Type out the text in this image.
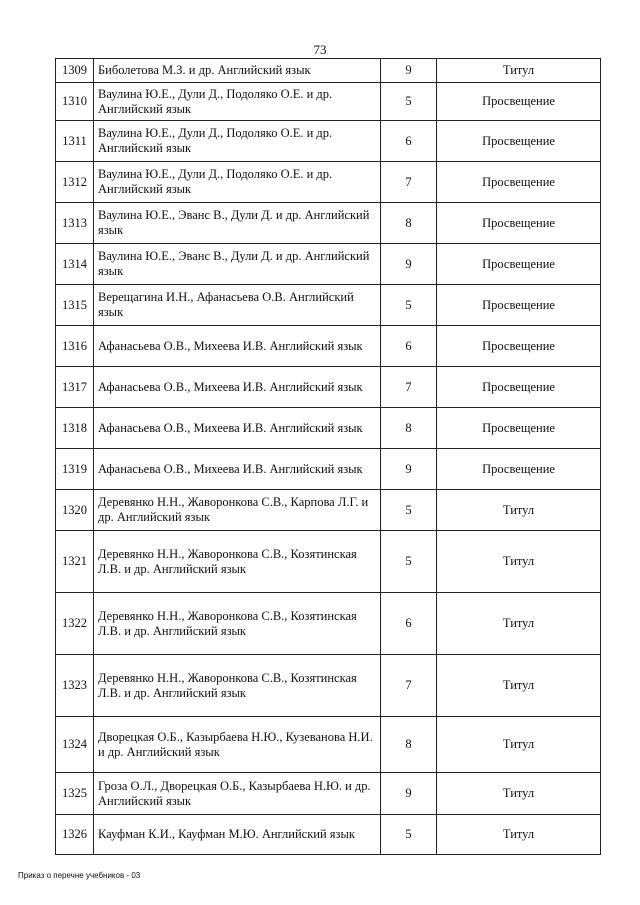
73
1309	Биболетова М.З. и др. Английский язык	9	Титул
1310	Ваулина Ю.Е., Дули Д., Подоляко О.Е. и др. Английский язык	5	Просвещение
1311	Ваулина Ю.Е., Дули Д., Подоляко О.Е. и др. Английский язык	6	Просвещение
1312	Ваулина Ю.Е., Дули Д., Подоляко О.Е. и др. Английский язык	7	Просвещение
1313	Ваулина Ю.Е., Эванс В., Дули Д. и др. Английский язык	8	Просвещение
1314	Ваулина Ю.Е., Эванс В., Дули Д. и др. Английский язык	9	Просвещение
1315	Верещагина И.Н., Афанасьева О.В. Английский язык	5	Просвещение
1316	Афанасьева О.В., Михеева И.В. Английский язык	6	Просвещение
1317	Афанасьева О.В., Михеева И.В. Английский язык	7	Просвещение
1318	Афанасьева О.В., Михеева И.В. Английский язык	8	Просвещение
1319	Афанасьева О.В., Михеева И.В. Английский язык	9	Просвещение
1320	Деревянко Н.Н., Жаворонкова С.В., Карпова Л.Г. и др. Английский язык	5	Титул
1321	Деревянко Н.Н., Жаворонкова С.В., Козятинская Л.В. и др. Английский язык	5	Титул
1322	Деревянко Н.Н., Жаворонкова С.В., Козятинская Л.В. и др. Английский язык	6	Титул
1323	Деревянко Н.Н., Жаворонкова С.В., Козятинская Л.В. и др. Английский язык	7	Титул
1324	Дворецкая О.Б., Казырбаева Н.Ю., Кузеванова Н.И. и др. Английский язык	8	Титул
1325	Гроза О.Л., Дворецкая О.Б., Казырбаева Н.Ю. и др. Английский язык	9	Титул
1326	Кауфман К.И., Кауфман М.Ю. Английский язык	5	Титул
Приказ о перечне учебников - 03
